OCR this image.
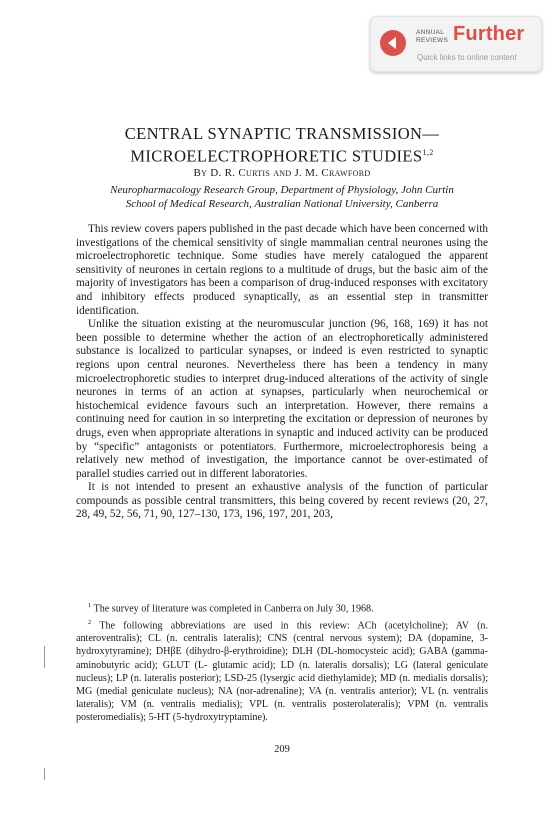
ANNUAL
REVIEWS Further
Quick links to online content
CENTRAL SYNAPTIC TRANSMISSION—
MICROELECTROPHORETIC STUDIES$^{1,2}$
By D. R. Curtis and J. M. Crawford
Neuropharmacology Research Group, Department of Physiology, John Curtin
School of Medical Research, Australian National University, Canberra

This review covers papers published in the past decade which have been concerned with investigations of the chemical sensitivity of single mammalian central neurones using the microelectrophoretic technique. Some studies have merely catalogued the apparent sensitivity of neurones in certain regions to a multitude of drugs, but the basic aim of the majority of investigators has been a comparison of drug-induced responses with excitatory and inhibitory effects produced synaptically, as an essential step in transmitter identification.

Unlike the situation existing at the neuromuscular junction (96, 168, 169) it has not been possible to determine whether the action of an electrophoretically administered substance is localized to particular synapses, or indeed is even restricted to synaptic regions upon central neurones. Nevertheless there has been a tendency in many microelectrophoretic studies to interpret drug-induced alterations of the activity of single neurones in terms of an action at synapses, particularly when neurochemical or histochemical evidence favours such an interpretation. However, there remains a continuing need for caution in so interpreting the excitation or depression of neurones by drugs, even when appropriate alterations in synaptic and induced activity can be produced by “specific” antagonists or potentiators. Furthermore, microelectrophoresis being a relatively new method of investigation, the importance cannot be over-estimated of parallel studies carried out in different laboratories.

It is not intended to present an exhaustive analysis of the function of particular compounds as possible central transmitters, this being covered by recent reviews (20, 27, 28, 49, 52, 56, 71, 90, 127–130, 173, 196, 197, 201, 203,

$^1$ The survey of literature was completed in Canberra on July 30, 1968.

$^2$ The following abbreviations are used in this review: ACh (acetylcholine); AV (n. anteroventralis); CL (n. centralis lateralis); CNS (central nervous system); DA (dopamine, 3-hydroxytyramine); DHβE (dihydro-β-erythroidine); DLH (DL-homocysteic acid); GABA (gamma-aminobutyric acid); GLUT (L- glutamic acid); LD (n. lateralis dorsalis); LG (lateral geniculate nucleus); LP (n. lateralis posterior); LSD-25 (lysergic acid diethylamide); MD (n. medialis dorsalis); MG (medial geniculate nucleus); NA (nor-adrenaline); VA (n. ventralis anterior); VL (n. ventralis lateralis); VM (n. ventralis medialis); VPL (n. ventralis posterolateralis); VPM (n. ventralis posteromedialis); 5-HT (5-hydroxytryptamine).

209
